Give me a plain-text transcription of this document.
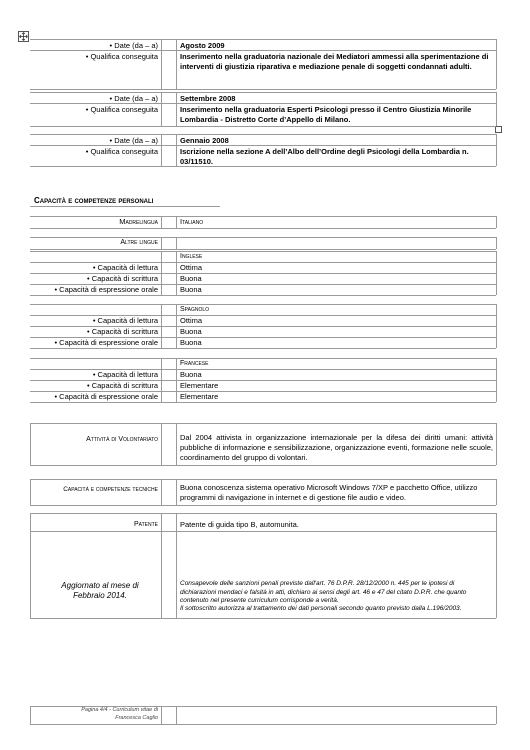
• Date (da – a)	Agosto 2009
• Qualifica conseguita	Inserimento nella graduatoria nazionale dei Mediatori ammessi alla sperimentazione di interventi di giustizia riparativa e mediazione penale di soggetti condannati adulti.
• Date (da – a)	Settembre 2008
• Qualifica conseguita	Inserimento nella graduatoria Esperti Psicologi presso il Centro Giustizia Minorile Lombardia - Distretto Corte d’Appello di Milano.
• Date (da – a)	Gennaio 2008
• Qualifica conseguita	Iscrizione nella sezione A dell’Albo dell’Ordine degli Psicologi della Lombardia n. 03/11510.
Capacità e competenze personali
Madrelingua	Italiano
Altre lingue
Inglese
• Capacità di lettura	Ottima
• Capacità di scrittura	Buona
• Capacità di espressione orale	Buona
Spagnolo
• Capacità di lettura	Ottima
• Capacità di scrittura	Buona
• Capacità di espressione orale	Buona
Francese
• Capacità di lettura	Buona
• Capacità di scrittura	Elementare
• Capacità di espressione orale	Elementare
Attività di Volontariato	Dal 2004 attivista in organizzazione internazionale per la difesa dei diritti umani: attività pubbliche di informazione e sensibilizzazione, organizzazione eventi, formazione nelle scuole, coordinamento del gruppo di volontari.
Capacità e competenze tecniche	Buona conoscenza sistema operativo Microsoft Windows 7/XP e pacchetto Office, utilizzo programmi di navigazione in internet e di gestione file audio e video.
Patente	Patente di guida tipo B, automunita.
Aggiornato al mese di Febbraio 2014.
Consapevole delle sanzioni penali previste dall'art. 76 D.P.R. 28/12/2000 n. 445 per le ipotesi di dichiarazioni mendaci e falsità in atti, dichiaro ai sensi degli art. 46 e 47 del citato D.P.R. che quanto contenuto nel presente curriculum corrisponde a verità.
Il sottoscritto autorizza al trattamento dei dati personali secondo quanto previsto dalla L.196/2003.
Pagina 4/4 - Curriculum vitae di Francesca Caglio
